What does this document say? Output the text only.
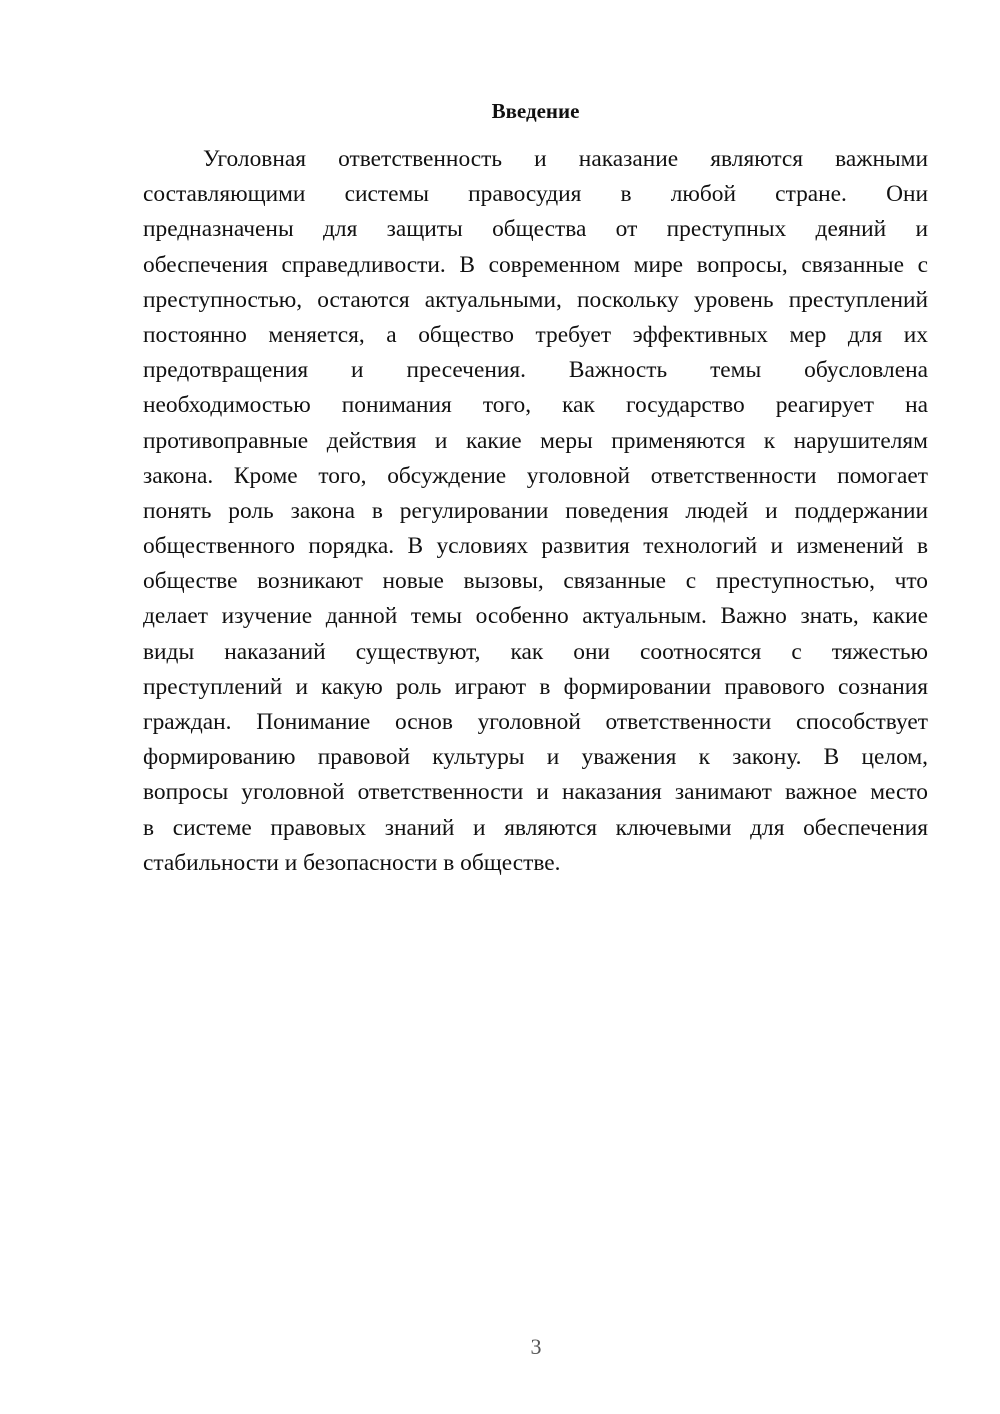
Введение
Уголовная ответственность и наказание являются важными
составляющими системы правосудия в любой стране. Они
предназначены для защиты общества от преступных деяний и
обеспечения справедливости. В современном мире вопросы, связанные с
преступностью, остаются актуальными, поскольку уровень преступлений
постоянно меняется, а общество требует эффективных мер для их
предотвращения и пресечения. Важность темы обусловлена
необходимостью понимания того, как государство реагирует на
противоправные действия и какие меры применяются к нарушителям
закона. Кроме того, обсуждение уголовной ответственности помогает
понять роль закона в регулировании поведения людей и поддержании
общественного порядка. В условиях развития технологий и изменений в
обществе возникают новые вызовы, связанные с преступностью, что
делает изучение данной темы особенно актуальным. Важно знать, какие
виды наказаний существуют, как они соотносятся с тяжестью
преступлений и какую роль играют в формировании правового сознания
граждан. Понимание основ уголовной ответственности способствует
формированию правовой культуры и уважения к закону. В целом,
вопросы уголовной ответственности и наказания занимают важное место
в системе правовых знаний и являются ключевыми для обеспечения
стабильности и безопасности в обществе.
3
